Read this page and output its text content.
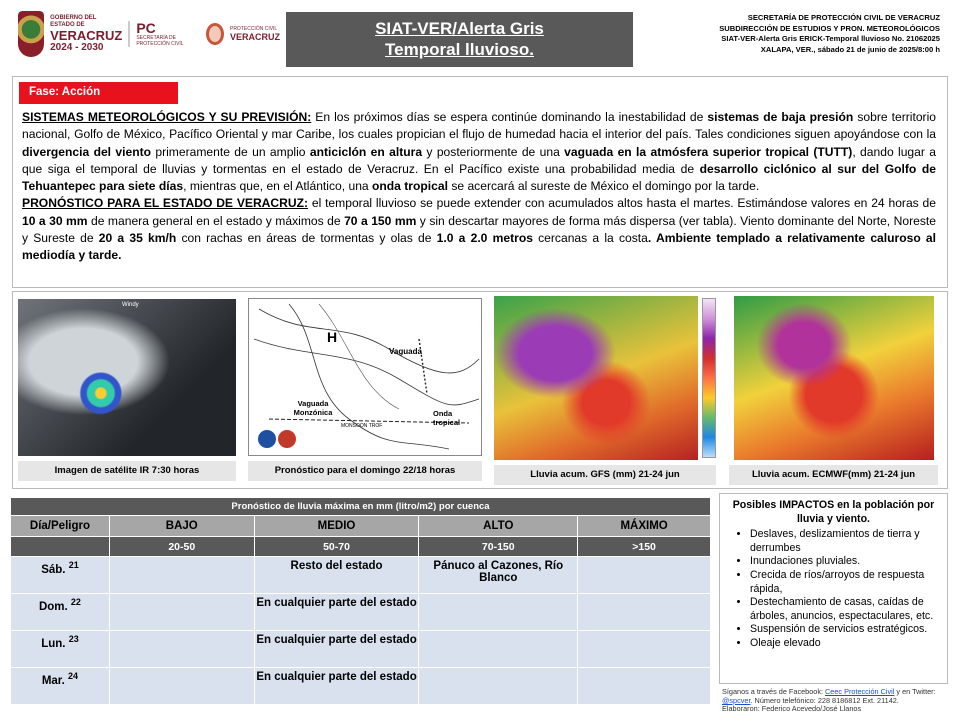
GOBIERNO DEL ESTADO DE
VERACRUZ
2024 - 2030
PC
SECRETARÍA DE PROTECCIÓN CIVIL
PROTECCIÓN CIVIL
VERACRUZ	SIAT-VER/Alerta Gris
Temporal lluvioso.
SECRETARÍA DE PROTECCIÓN CIVIL DE VERACRUZ
SUBDIRECCIÓN DE ESTUDIOS Y PRON. METEOROLÓGICOS
SIAT-VER-Alerta Gris ERICK-Temporal lluvioso No. 21062025
XALAPA, VER., sábado 21 de junio de 2025/8:00 h
Fase: Acción
SISTEMAS METEOROLÓGICOS Y SU PREVISIÓN: En los próximos días se espera continúe dominando la inestabilidad de sistemas de baja presión sobre territorio nacional, Golfo de México, Pacífico Oriental y mar Caribe, los cuales propician el flujo de humedad hacia el interior del país. Tales condiciones siguen apoyándose con la divergencia del viento primeramente de un amplio anticiclón en altura y posteriormente de una vaguada en la atmósfera superior tropical (TUTT), dando lugar a que siga el temporal de lluvias y tormentas en el estado de Veracruz. En el Pacífico existe una probabilidad media de desarrollo ciclónico al sur del Golfo de Tehuantepec para siete días, mientras que, en el Atlántico, una onda tropical se acercará al sureste de México el domingo por la tarde.
PRONÓSTICO PARA EL ESTADO DE VERACRUZ: el temporal lluvioso se puede extender con acumulados altos hasta el martes. Estimándose valores en 24 horas de 10 a 30 mm de manera general en el estado y máximos de 70 a 150 mm y sin descartar mayores de forma más dispersa (ver tabla). Viento dominante del Norte, Noreste y Sureste de 20 a 35 km/h con rachas en áreas de tormentas y olas de 1.0 a 2.0 metros cercanas a la costa. Ambiente templado a relativamente caluroso al mediodía y tarde.
Windy
Imagen de satélite IR 7:30 horas
H
Vaguada
Vaguada Monzónica	Onda tropical
MONSOON TROF
Pronóstico para el domingo 22/18 horas	Lluvia acum. GFS (mm) 21-24 jun	Lluvia acum. ECMWF(mm) 21-24 jun
Pronóstico de lluvia máxima en mm (litro/m2) por cuenca				
Día/Peligro	BAJO	MEDIO	ALTO	MÁXIMO
	20-50	50-70	70-150	>150
Sáb. $^{21}$		Resto del estado	Pánuco al Cazones, Río Blanco	
Dom. $^{22}$		En cualquier parte del estado		
Lun. $^{23}$		En cualquier parte del estado		
Mar. $^{24}$		En cualquier parte del estado		
Posibles IMPACTOS en la población por lluvia y viento.
• Deslaves, deslizamientos de tierra y derrumbes
• Inundaciones pluviales.
• Crecida de ríos/arroyos de respuesta rápida,
• Destechamiento de casas, caídas de árboles, anuncios, espectaculares, etc.
• Suspensión de servicios estratégicos.
• Oleaje elevado
Síganos a través de Facebook: Ceec Protección Civil y en Twitter: @spcver. Número telefónico: 228 8186812 Ext. 21142.
Elaboraron: Federico Acevedo/José Llanos
